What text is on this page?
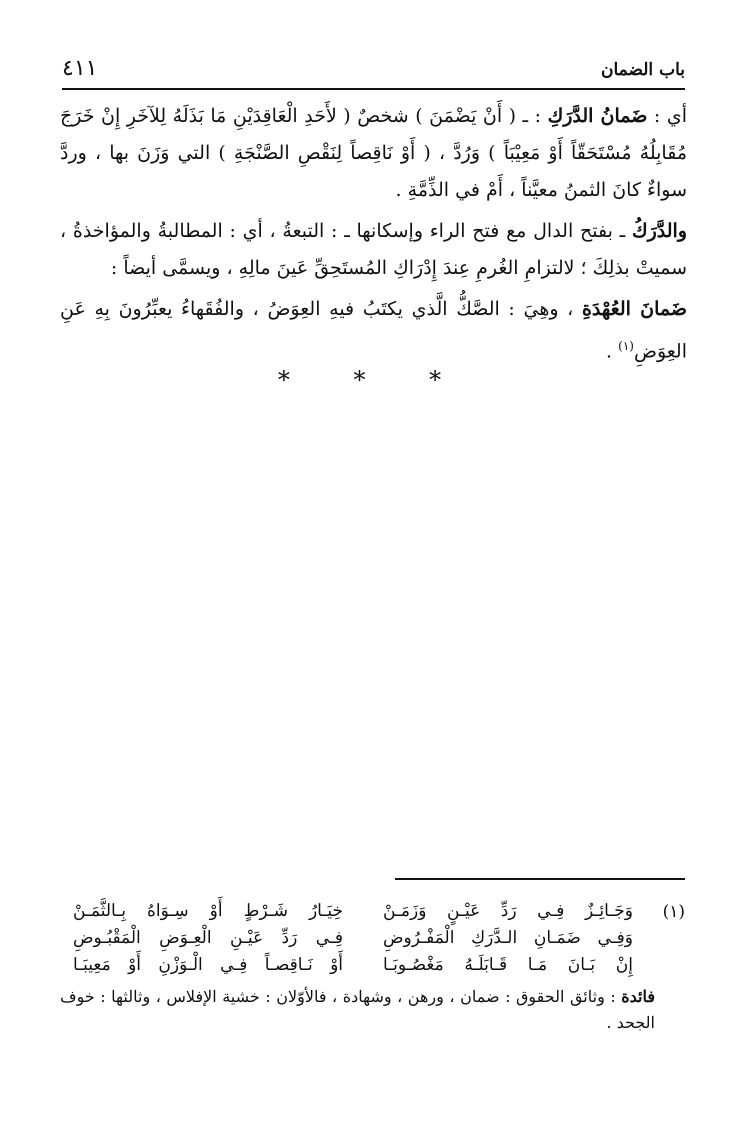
باب الضمان
٤١١

أي : ضَمانُ الدَّرَكِ : ـ ( أَنْ يَضْمَنَ ) شخصٌ ( لأَحَدِ الْعَاقِدَيْنِ مَا بَذَلَهُ لِلآخَرِ إِنْ خَرَجَ مُقَابِلُهُ مُسْتَحَقّاً أَوْ مَعِيْبَاً ) وَرُدَّ ، ( أَوْ نَاقِصاً لِنَقْصِ الصَّنْجَةِ ) التي وَزَنَ بها ، وردَّ سواءٌ كانَ الثمنُ معيَّناً ، أَمْ في الذِّمَّةِ .

والدَّرَكُ ـ بفتح الدال مع فتح الراء وإسكانها ـ : التبعةُ ، أي : المطالبةُ والمؤاخذةُ ، سميتْ بذلِكَ ؛ لالتزامِ الغُرمِ عِندَ إِدْرَاكِ المُستَحِقِّ عَينَ مالِهِ ، ويسمَّى أيضاً :

ضَمانَ العُهْدَةِ ، وهِيَ : الصَّكُّ الَّذي يكتَبُ فيهِ العِوَضُ ، والفُقَهاءُ يعبِّرُونَ بِهِ عَنِ العِوَضِ$^{(١)}$ .

* * *
(١)
وَجَـائِـزٌ فِـي رَدِّ عَيْـنٍ وَزَمَـنْ
خِيَـارُ شَـرْطٍ أَوْ سِـوَاهُ بِـالثَّمَـنْ
وَفِـي ضَمَـانِ الـدَّرَكِ الْمَفْـرُوضِ
فِـي رَدِّ عَيْـنِ الْعِـوَضِ الْمَقْبُـوضِ
إِنْ بَـانَ مَـا قَـابَلَـهُ مَغْصُـوبَـا
أَوْ نَـاقِصـاً فِـي الْـوَزْنِ أَوْ مَعِيبَـا
فائدة : وثائق الحقوق : ضمان ، ورهن ، وشهادة ، فالأوّلان : خشية الإفلاس ، وثالثها : خوف الجحد .
